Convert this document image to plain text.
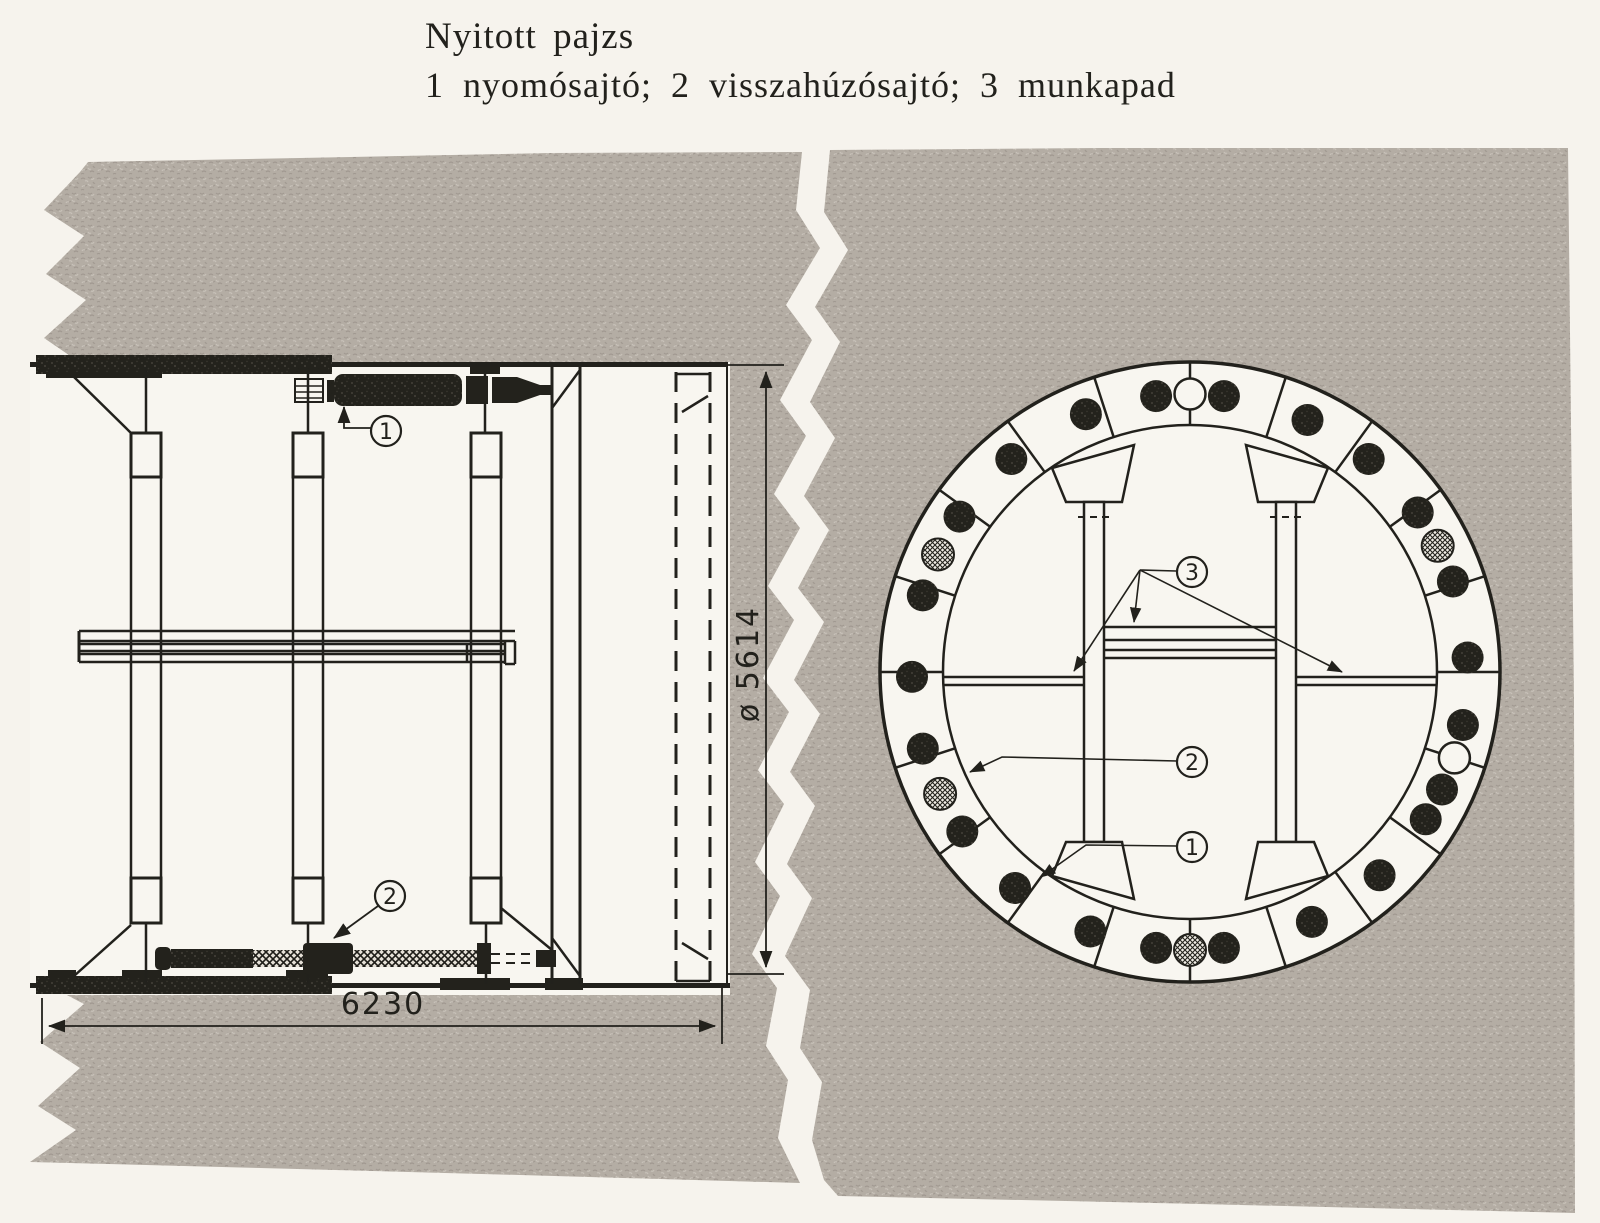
Nyitott pajzs
1 nyomósajtó; 2 visszahúzósajtó; 3 munkapad
1
2
6230
ø 5614
3
2
1
